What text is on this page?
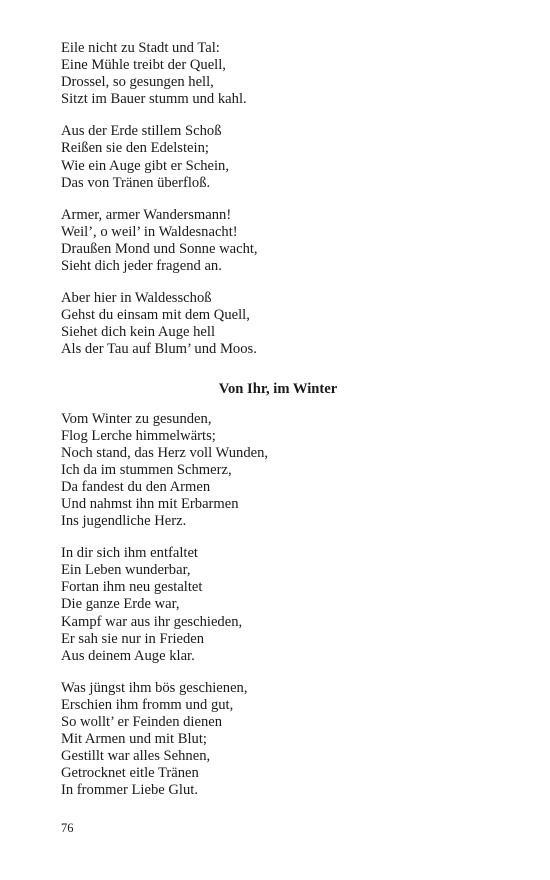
Eile nicht zu Stadt und Tal:
Eine Mühle treibt der Quell,
Drossel, so gesungen hell,
Sitzt im Bauer stumm und kahl.
Aus der Erde stillem Schoß
Reißen sie den Edelstein;
Wie ein Auge gibt er Schein,
Das von Tränen überfloß.
Armer, armer Wandersmann!
Weil’, o weil’ in Waldesnacht!
Draußen Mond und Sonne wacht,
Sieht dich jeder fragend an.
Aber hier in Waldesschoß
Gehst du einsam mit dem Quell,
Siehet dich kein Auge hell
Als der Tau auf Blum’ und Moos.
Von Ihr, im Winter
Vom Winter zu gesunden,
Flog Lerche himmelwärts;
Noch stand, das Herz voll Wunden,
Ich da im stummen Schmerz,
Da fandest du den Armen
Und nahmst ihn mit Erbarmen
Ins jugendliche Herz.
In dir sich ihm entfaltet
Ein Leben wunderbar,
Fortan ihm neu gestaltet
Die ganze Erde war,
Kampf war aus ihr geschieden,
Er sah sie nur in Frieden
Aus deinem Auge klar.
Was jüngst ihm bös geschienen,
Erschien ihm fromm und gut,
So wollt’ er Feinden dienen
Mit Armen und mit Blut;
Gestillt war alles Sehnen,
Getrocknet eitle Tränen
In frommer Liebe Glut.
76
